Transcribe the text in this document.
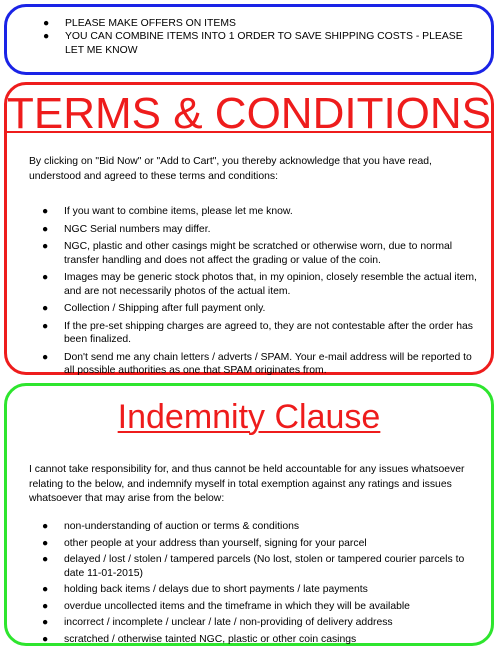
● PLEASE MAKE OFFERS ON ITEMS
● YOU CAN COMBINE ITEMS INTO 1 ORDER TO SAVE SHIPPING COSTS - PLEASE LET ME KNOW
TERMS & CONDITIONS

By clicking on "Bid Now" or "Add to Cart", you thereby acknowledge that you have read, understood and agreed to these terms and conditions:

● If you want to combine items, please let me know.
● NGC Serial numbers may differ.
● NGC, plastic and other casings might be scratched or otherwise worn, due to normal transfer handling and does not affect the grading or value of the coin.
● Images may be generic stock photos that, in my opinion, closely resemble the actual item, and are not necessarily photos of the actual item.
● Collection / Shipping after full payment only.
● If the pre-set shipping charges are agreed to, they are not contestable after the order has been finalized.
● Don't send me any chain letters / adverts / SPAM. Your e-mail address will be reported to all possible authorities as one that SPAM originates from.
Indemnity Clause

I cannot take responsibility for, and thus cannot be held accountable for any issues whatsoever relating to the below, and indemnify myself in total exemption against any ratings and issues whatsoever that may arise from the below:

● non-understanding of auction or terms & conditions
● other people at your address than yourself, signing for your parcel
● delayed / lost / stolen / tampered parcels (No lost, stolen or tampered courier parcels to date 11-01-2015)
● holding back items / delays due to short payments / late payments
● overdue uncollected items and the timeframe in which they will be available
● incorrect / incomplete / unclear / late / non-providing of delivery address
● scratched / otherwise tainted NGC, plastic or other coin casings
